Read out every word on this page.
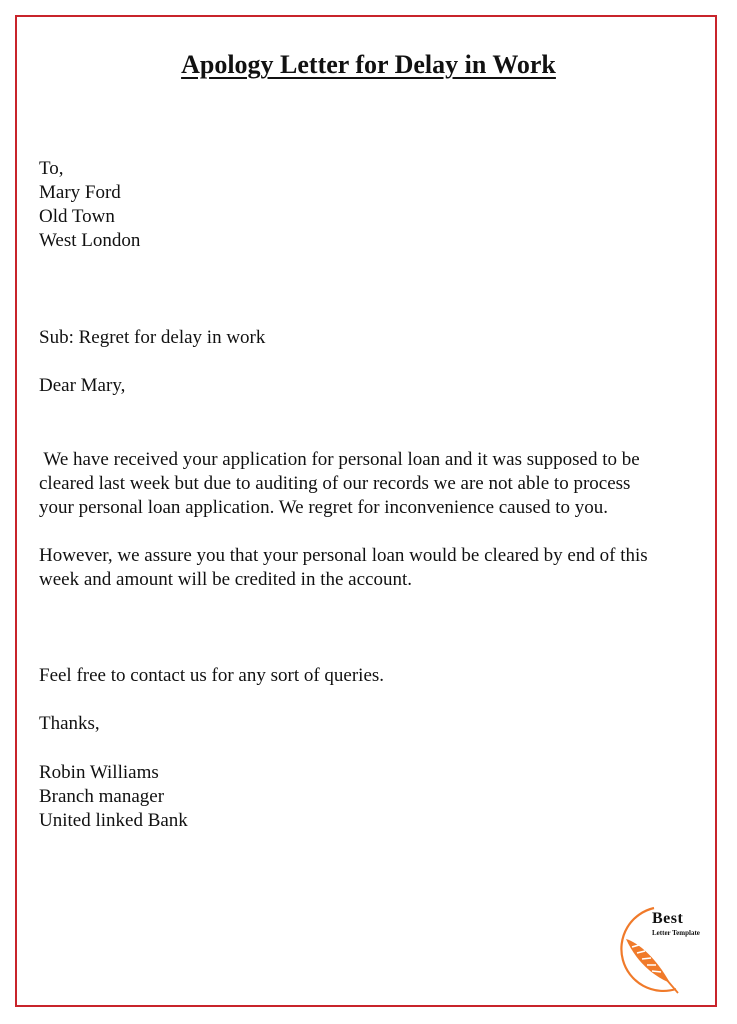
Apology Letter for Delay in Work

To,
Mary Ford
Old Town
West London

Sub: Regret for delay in work

Dear Mary,

We have received your application for personal loan and it was supposed to be
cleared last week but due to auditing of our records we are not able to process
your personal loan application. We regret for inconvenience caused to you.

However, we assure you that your personal loan would be cleared by end of this
week and amount will be credited in the account.

Feel free to contact us for any sort of queries.

Thanks,

Robin Williams
Branch manager
United linked Bank

Best
Letter Template
